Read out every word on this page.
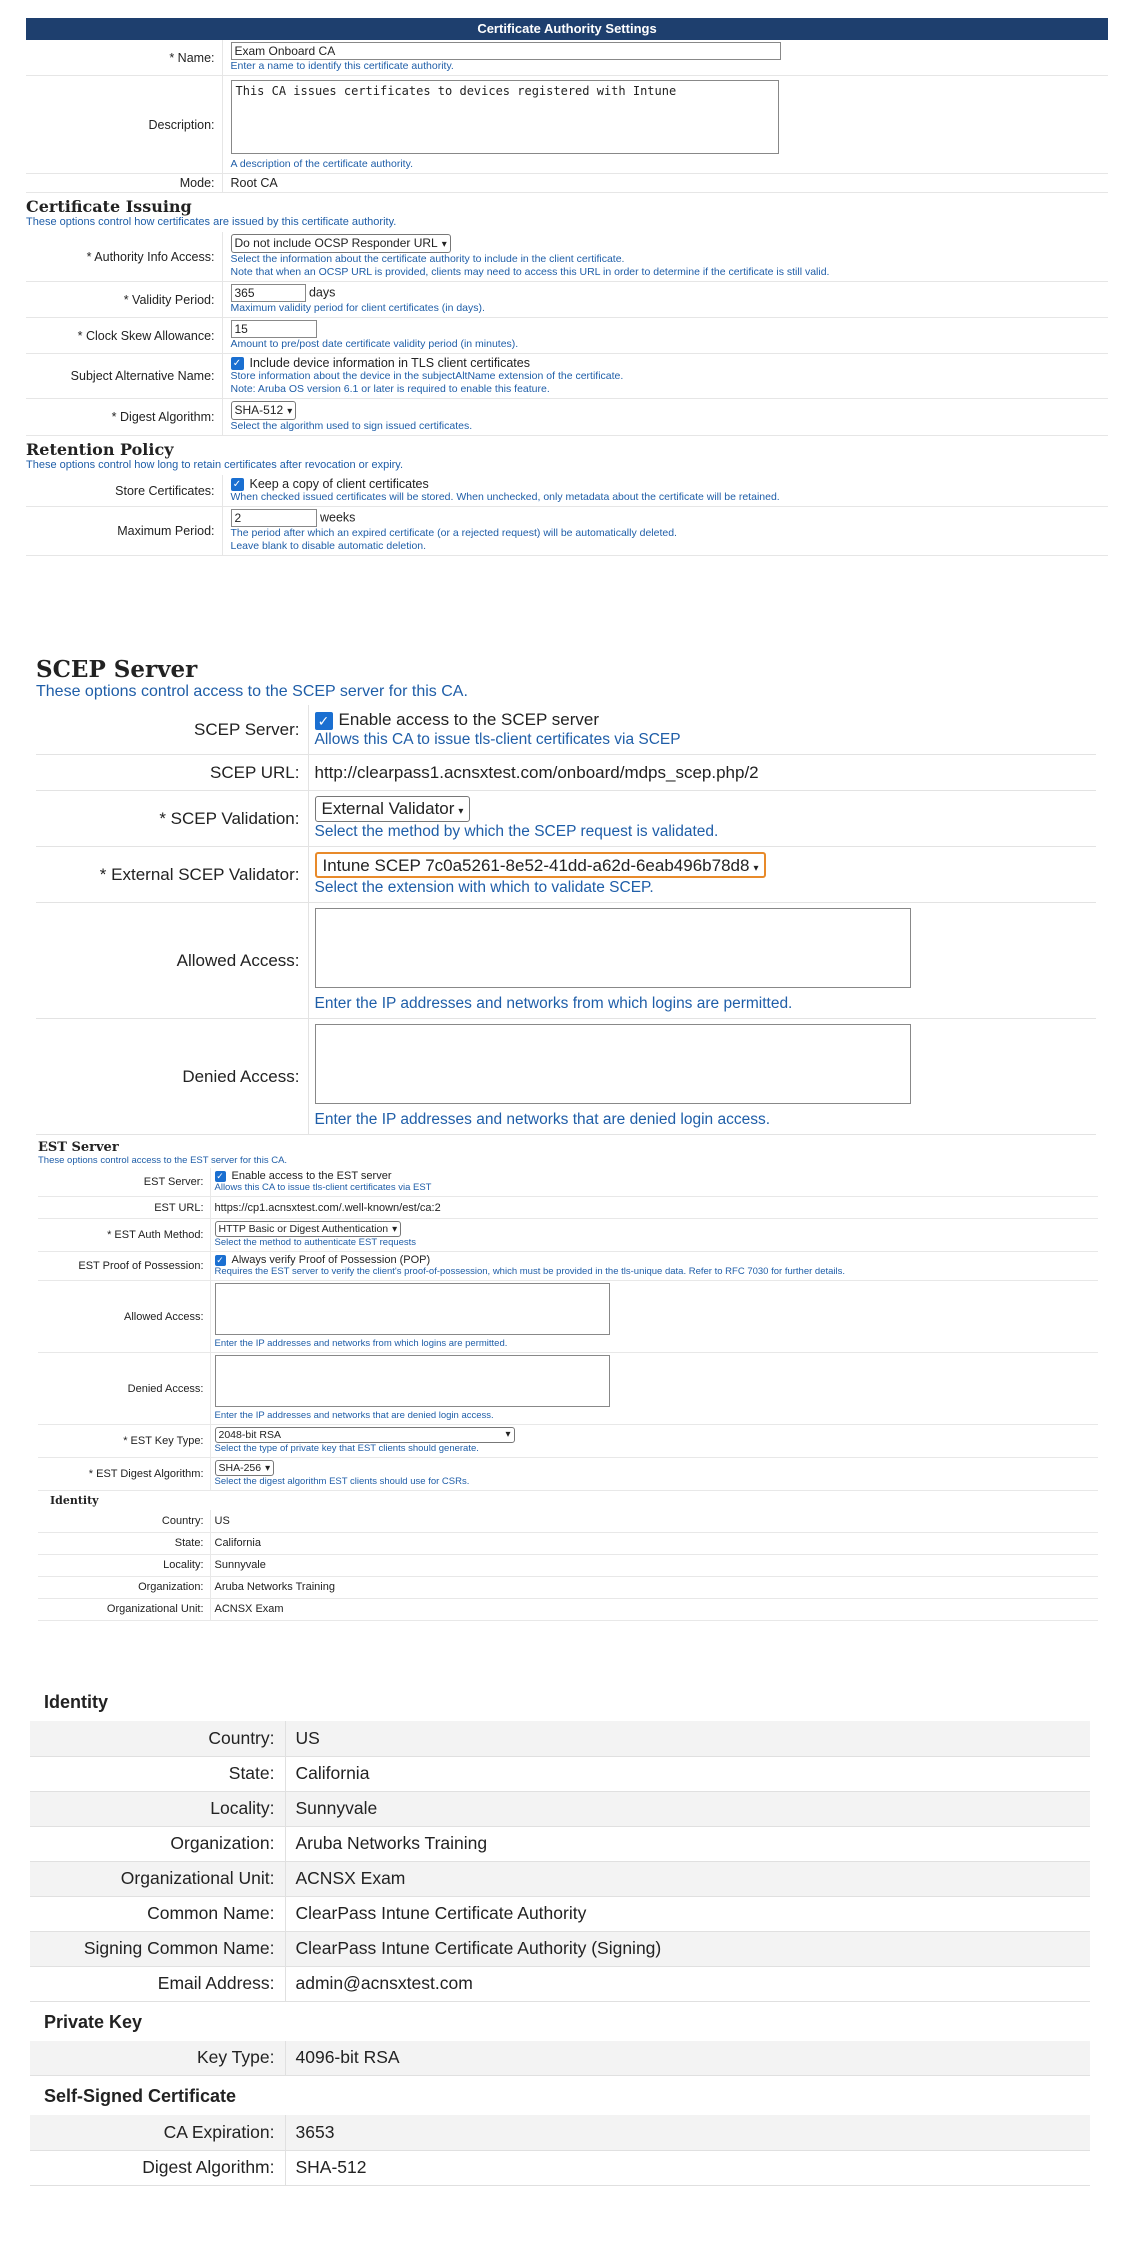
Certificate Authority Settings
* Name:	Exam Onboard CA
Enter a name to identify this certificate authority.

Description:	This CA issues certificates to devices registered with Intune
A description of the certificate authority.

Mode:	Root CA
Certificate Issuing
These options control how certificates are issued by this certificate authority.
* Authority Info Access:	Do not include OCSP Responder URL ▾
Select the information about the certificate authority to include in the client certificate.
Note that when an OCSP URL is provided, clients may need to access this URL in order to determine if the certificate is still valid.

* Validity Period:	365 days
Maximum validity period for client certificates (in days).

* Clock Skew Allowance:	15
Amount to pre/post date certificate validity period (in minutes).

Subject Alternative Name:	✓ Include device information in TLS client certificates
Store information about the device in the subjectAltName extension of the certificate.
Note: Aruba OS version 6.1 or later is required to enable this feature.

* Digest Algorithm:	SHA-512 ▾
Select the algorithm used to sign issued certificates.
Retention Policy
These options control how long to retain certificates after revocation or expiry.
Store Certificates:	✓ Keep a copy of client certificates
When checked issued certificates will be stored. When unchecked, only metadata about the certificate will be retained.

Maximum Period:	2 weeks
The period after which an expired certificate (or a rejected request) will be automatically deleted.
Leave blank to disable automatic deletion.
SCEP Server
These options control access to the SCEP server for this CA.
SCEP Server:	✓ Enable access to the SCEP server
Allows this CA to issue tls-client certificates via SCEP

SCEP URL:	http://clearpass1.acnsxtest.com/onboard/mdps_scep.php/2
* SCEP Validation:	External Validator ▾
Select the method by which the SCEP request is validated.

* External SCEP Validator:	Intune SCEP 7c0a5261-8e52-41dd-a62d-6eab496b78d8 ▾
Select the extension with which to validate SCEP.

Allowed Access:	Enter the IP addresses and networks from which logins are permitted.

Denied Access:	Enter the IP addresses and networks that are denied login access.
EST Server
These options control access to the EST server for this CA.
EST Server:	✓ Enable access to the EST server
Allows this CA to issue tls-client certificates via EST

EST URL:	https://cp1.acnsxtest.com/.well-known/est/ca:2
* EST Auth Method:	HTTP Basic or Digest Authentication ▾
Select the method to authenticate EST requests

EST Proof of Possession:	✓ Always verify Proof of Possession (POP)
Requires the EST server to verify the client's proof-of-possession, which must be provided in the tls-unique data. Refer to RFC 7030 for further details.

Allowed Access:	Enter the IP addresses and networks from which logins are permitted.

Denied Access:	Enter the IP addresses and networks that are denied login access.

* EST Key Type:	2048-bit RSA ▾
Select the type of private key that EST clients should generate.

* EST Digest Algorithm:	SHA-256 ▾
Select the digest algorithm EST clients should use for CSRs.
Identity
Country:	US
State:	California
Locality:	Sunnyvale
Organization:	Aruba Networks Training
Organizational Unit:	ACNSX Exam
Identity
Country:	US
State:	California
Locality:	Sunnyvale
Organization:	Aruba Networks Training
Organizational Unit:	ACNSX Exam
Common Name:	ClearPass Intune Certificate Authority
Signing Common Name:	ClearPass Intune Certificate Authority (Signing)
Email Address:	admin@acnsxtest.com
Private Key
Key Type:	4096-bit RSA
Self-Signed Certificate
CA Expiration:	3653
Digest Algorithm:	SHA-512
